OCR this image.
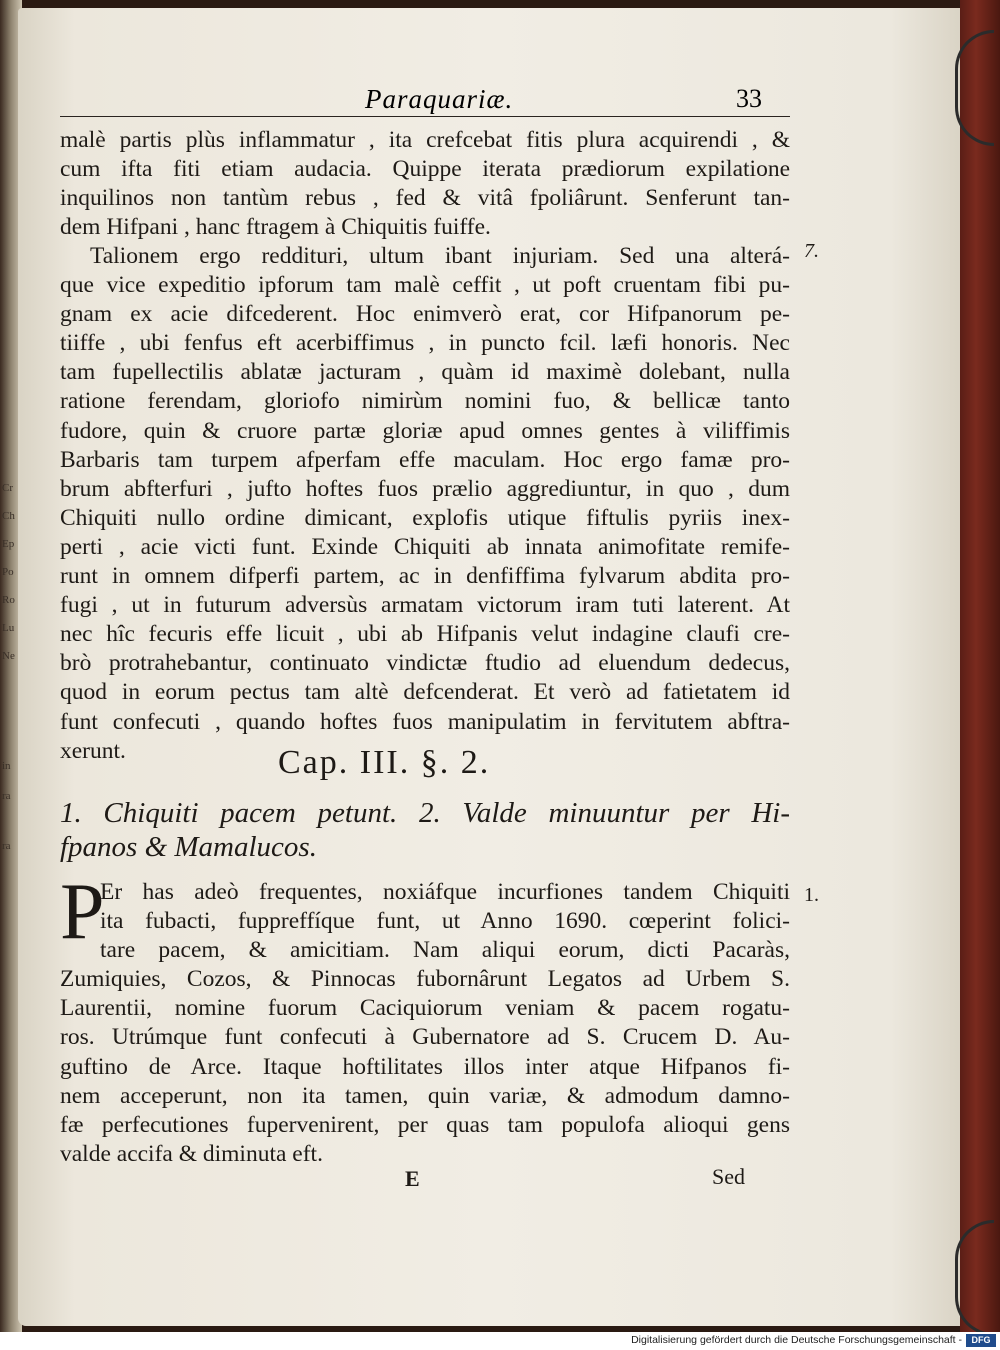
Cr
Ch
Ep
Po
Ro
Lu
Ne
in
ra
ra
Paraquariæ.	33

malè partis plùs inflammatur , ita crefcebat fitis plura acquirendi , &

cum ifta fiti etiam audacia. Quippe iterata prædiorum expilatione

inquilinos non tantùm rebus , fed & vitâ fpoliârunt. Senferunt tan-

dem Hifpani , hanc ftragem à Chiquitis fuiffe.

Talionem ergo reddituri, ultum ibant injuriam. Sed una alterá-

que vice expeditio ipforum tam malè ceffit , ut poft cruentam fibi pu-

gnam ex acie difcederent. Hoc enimverò erat, cor Hifpanorum pe-

tiiffe , ubi fenfus eft acerbiffimus , in puncto fcil. læfi honoris. Nec

tam fupellectilis ablatæ jacturam , quàm id maximè dolebant, nulla

ratione ferendam, gloriofo nimirùm nomini fuo, & bellicæ tanto

fudore, quin & cruore partæ gloriæ apud omnes gentes à viliffimis

Barbaris tam turpem afperfam effe maculam. Hoc ergo famæ pro-

brum abfterfuri , jufto hoftes fuos prælio aggrediuntur, in quo , dum

Chiquiti nullo ordine dimicant, explofis utique fiftulis pyriis inex-

perti , acie victi funt. Exinde Chiquiti ab innata animofitate remife-

runt in omnem difperfi partem, ac in denfiffima fylvarum abdita pro-

fugi , ut in futurum adversùs armatam victorum iram tuti laterent. At

nec hîc fecuris effe licuit , ubi ab Hifpanis velut indagine claufi cre-

brò protrahebantur, continuato vindictæ ftudio ad eluendum dedecus,

quod in eorum pectus tam altè defcenderat. Et verò ad fatietatem id

funt confecuti , quando hoftes fuos manipulatim in fervitutem abftra-

xerunt.

7.
Cap. III. §. 2.

1. Chiquiti pacem petunt. 2. Valde minuuntur per Hi-

fpanos & Mamalucos.

P

Er has adeò frequentes, noxiáfque incurfiones tandem Chiquiti

ita fubacti, fuppreffíque funt, ut Anno 1690. cœperint folici-

tare pacem, & amicitiam. Nam aliqui eorum, dicti Pacaràs,

Zumiquies, Cozos, & Pinnocas fubornârunt Legatos ad Urbem S.

Laurentii, nomine fuorum Caciquiorum veniam & pacem rogatu-

ros. Utrúmque funt confecuti à Gubernatore ad S. Crucem D. Au-

guftino de Arce. Itaque hoftilitates illos inter atque Hifpanos fi-

nem acceperunt, non ita tamen, quin variæ, & admodum damno-

fæ perfecutiones fupervenirent, per quas tam populofa alioqui gens

valde accifa & diminuta eft.

1.
E	Sed
Digitalisierung gefördert durch die Deutsche Forschungsgemeinschaft -	DFG
